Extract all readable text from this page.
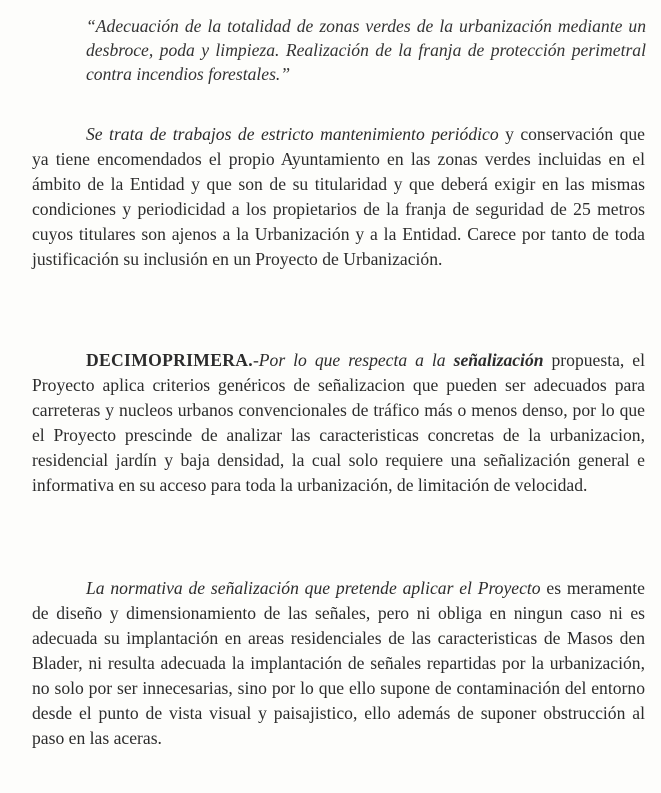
“Adecuación de la totalidad de zonas verdes de la urbanización mediante un desbroce, poda y limpieza. Realización de la franja de protección perimetral contra incendios forestales.”
Se trata de trabajos de estricto mantenimiento periódico y conservación que ya tiene encomendados el propio Ayuntamiento en las zonas verdes incluidas en el ámbito de la Entidad y que son de su titularidad y que deberá exigir en las mismas condiciones y periodicidad a los propietarios de la franja de seguridad de 25 metros cuyos titulares son ajenos a la Urbanización y a la Entidad. Carece por tanto de toda justificación su inclusión en un Proyecto de Urbanización.
DECIMOPRIMERA.-Por lo que respecta a la señalización propuesta, el Proyecto aplica criterios genéricos de señalizacion que pueden ser adecuados para carreteras y nucleos urbanos convencionales de tráfico más o menos denso, por lo que el Proyecto prescinde de analizar las caracteristicas concretas de la urbanizacion, residencial jardín y baja densidad, la cual solo requiere una señalización general e informativa en su acceso para toda la urbanización, de limitación de velocidad.
La normativa de señalización que pretende aplicar el Proyecto es meramente de diseño y dimensionamiento de las señales, pero ni obliga en ningun caso ni es adecuada su implantación en areas residenciales de las caracteristicas de Masos den Blader, ni resulta adecuada la implantación de señales repartidas por la urbanización, no solo por ser innecesarias, sino por lo que ello supone de contaminación del entorno desde el punto de vista visual y paisajistico, ello además de suponer obstrucción al paso en las aceras.
